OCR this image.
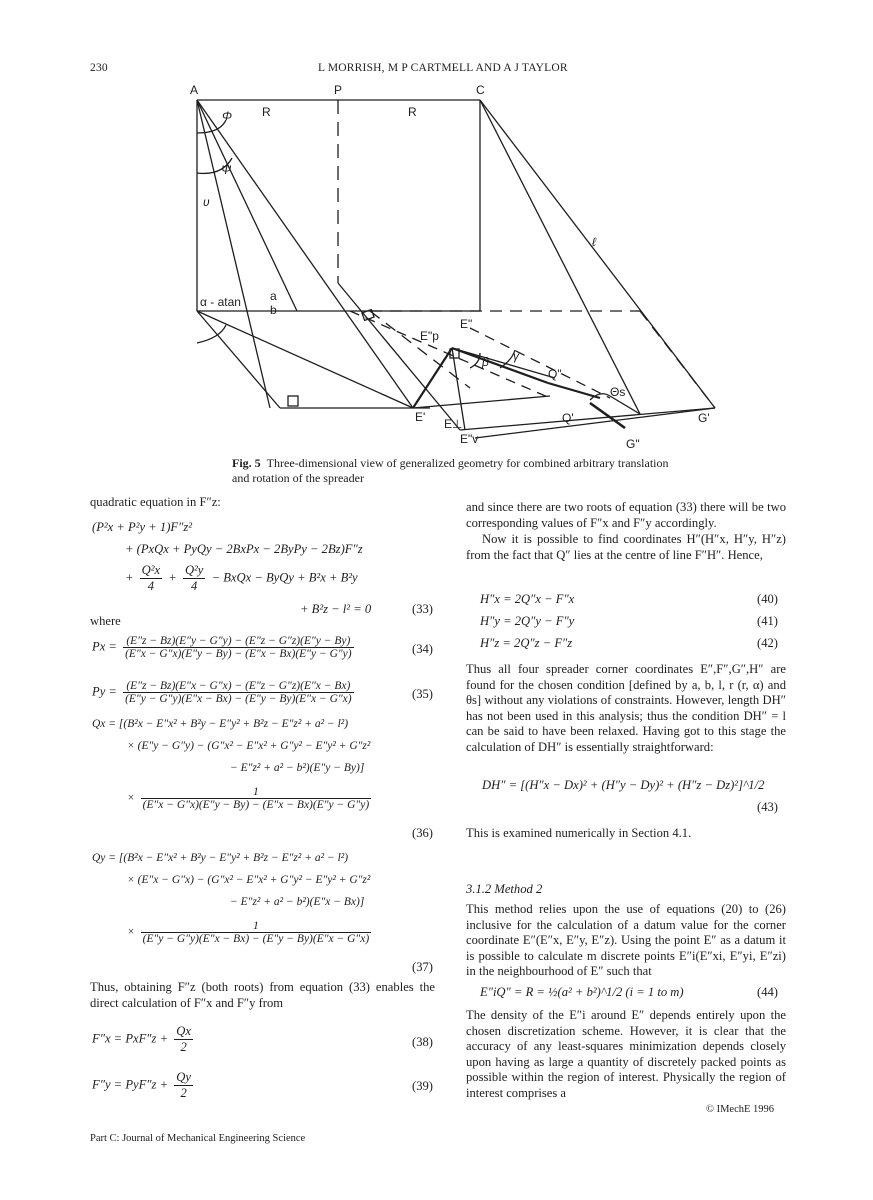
230	L MORRISH, M P CARTMELL AND A J TAYLOR
A	P	C
R	R
Φ
Ψ
υ
α - atan a
b
ℓ
E"p
E"
β γ
Q"
Θs
E' E⊥
E"v
Q'	G'
G"
Fig. 5 Three-dimensional view of generalized geometry for combined arbitrary translation and rotation of the spreader
quadratic equation in F″z:
(P²x + P²y + 1)F″z²
+ (PxQx + PyQy − 2BxPx − 2ByPy − 2Bz)F″z
+ $\frac{\text{Q²x}}{4} + \frac{\text{Q²y}}{4}$ − BxQx − ByQy + B²x + B²y
+ B²z − l² = 0	(33)
where
$Px = \frac{(E''z - Bz)(E''y - G''y) - (E''z - G''z)(E''y - By)}{(E''x - G''x)(E''y - By) - (E''x - Bx)(E''y - G''y)}$	(34)
$Py = \frac{(E''z - Bz)(E''x - G''x) - (E''z - G''z)(E''x - Bx)}{(E''y - G''y)(E''x - Bx) - (E''y - By)(E''x - G''x)}$	(35)
Qx = [(B²x − E″x² + B²y − E″y² + B²z − E″z² + a² − l²)
× (E″y − G″y) − (G″x² − E″x² + G″y² − E″y² + G″z²
− E″z² + a² − b²)(E″y − By)]
× $\frac{1}{(E''x - G''x)(E''y - By) - (E''x - Bx)(E''y - G''y)}$
(36)
Qy = [(B²x − E″x² + B²y − E″y² + B²z − E″z² + a² − l²)
× (E″x − G″x) − (G″x² − E″x² + G″y² − E″y² + G″z²
− E″z² + a² − b²)(E″x − Bx)]
× $\frac{1}{(E''y - G''y)(E''x - Bx) - (E''y - By)(E''x - G''x)}$
(37)
Thus, obtaining F″z (both roots) from equation (33) enables the direct calculation of F″x and F″y from
$F''x = PxF''z + \frac{Qx}{2}$	(38)
$F''y = PyF''z + \frac{Qy}{2}$	(39)
and since there are two roots of equation (33) there will be two corresponding values of F″x and F″y accordingly.
Now it is possible to find coordinates H″(H″x, H″y, H″z) from the fact that Q″ lies at the centre of line F″H″. Hence,
H″x = 2Q″x − F″x	(40)
H″y = 2Q″y − F″y	(41)
H″z = 2Q″z − F″z	(42)
Thus all four spreader corner coordinates E″,F″,G″,H″ are found for the chosen condition [defined by a, b, l, r (r, α) and θs] without any violations of constraints. However, length DH″ has not been used in this analysis; thus the condition DH″ = l can be said to have been relaxed. Having got to this stage the calculation of DH″ is essentially straightforward:
DH″ = [(H″x − Dx)² + (H″y − Dy)² + (H″z − Dz)²]^1/2
(43)
This is examined numerically in Section 4.1.
3.1.2 Method 2
This method relies upon the use of equations (20) to (26) inclusive for the calculation of a datum value for the corner coordinate E″(E″x, E″y, E″z). Using the point E″ as a datum it is possible to calculate m discrete points E″i(E″xi, E″yi, E″zi) in the neighbourhood of E″ such that
E″iQ″ = R = ½(a² + b²)^1/2 (i = 1 to m)	(44)
The density of the E″i around E″ depends entirely upon the chosen discretization scheme. However, it is clear that the accuracy of any least-squares minimization depends closely upon having as large a quantity of discretely packed points as possible within the region of interest. Physically the region of interest comprises a
Part C: Journal of Mechanical Engineering Science
© IMechE 1996
